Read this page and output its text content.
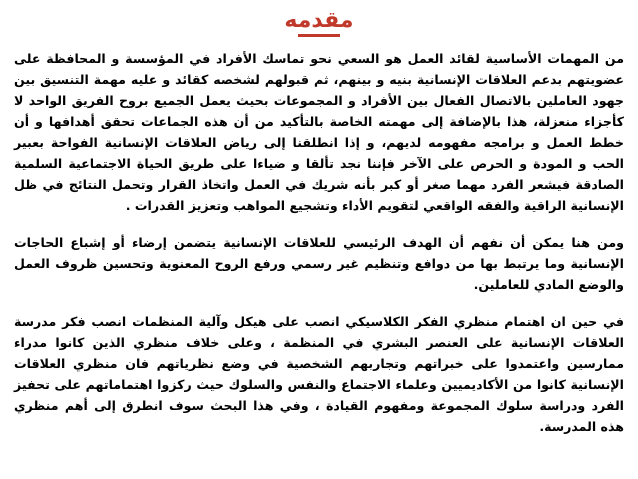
مقدمه

من المهمات الأساسية لقائد العمل هو السعي نحو تماسك الأفراد في المؤسسة و المحافظة على عضويتهم بدعم العلاقات الإنسانية بنيه و بينهم، ثم قبولهم لشخصه كقائد و عليه مهمة التنسيق بين جهود العاملين بالاتصال الفعال بين الأفراد و المجموعات بحيث يعمل الجميع بروح الفريق الواحد لا كأجزاء منعزلة، هذا بالإضافة إلى مهمته الخاصة بالتأكيد من أن هذه الجماعات تحقق أهدافها و أن خطط العمل و برامجه مفهومه لديهم، و إذا انطلقنا إلى رياض العلاقات الإنسانية الفواحة بعبير الحب و المودة و الحرص على الآخر فإننا نجد تألقا و ضياءا على طريق الحياة الاجتماعية السلمية الصادقة فيشعر الفرد مهما صغر أو كبر بأنه شريك في العمل واتخاذ القرار وتحمل النتائج في ظل الإنسانية الراقية والفقه الواقعي لتقويم الأداء وتشجيع المواهب وتعزيز القدرات .

ومن هنا يمكن أن نفهم أن الهدف الرئيسي للعلاقات الإنسانية يتضمن إرضاء أو إشباع الحاجات الإنسانية وما يرتبط بها من دوافع وتنظيم غير رسمي ورفع الروح المعنوية وتحسين ظروف العمل والوضع المادي للعاملين.

في حين ان اهتمام منظري الفكر الكلاسيكي انصب على هيكل وآلية المنظمات انصب فكر مدرسة العلاقات الإنسانية على العنصر البشري في المنظمة ، وعلى خلاف منظري الذين كانوا مدراء ممارسين واعتمدوا على خبراتهم وتجاربهم الشخصية في وضع نظرياتهم فان منظري العلاقات الإنسانية كانوا من الأكاديميين وعلماء الاجتماع والنفس والسلوك حيث ركزوا اهتماماتهم على تحفيز الفرد ودراسة سلوك المجموعة ومفهوم القيادة ، وفي هذا البحث سوف انطرق إلى أهم منظري هذه المدرسة.
